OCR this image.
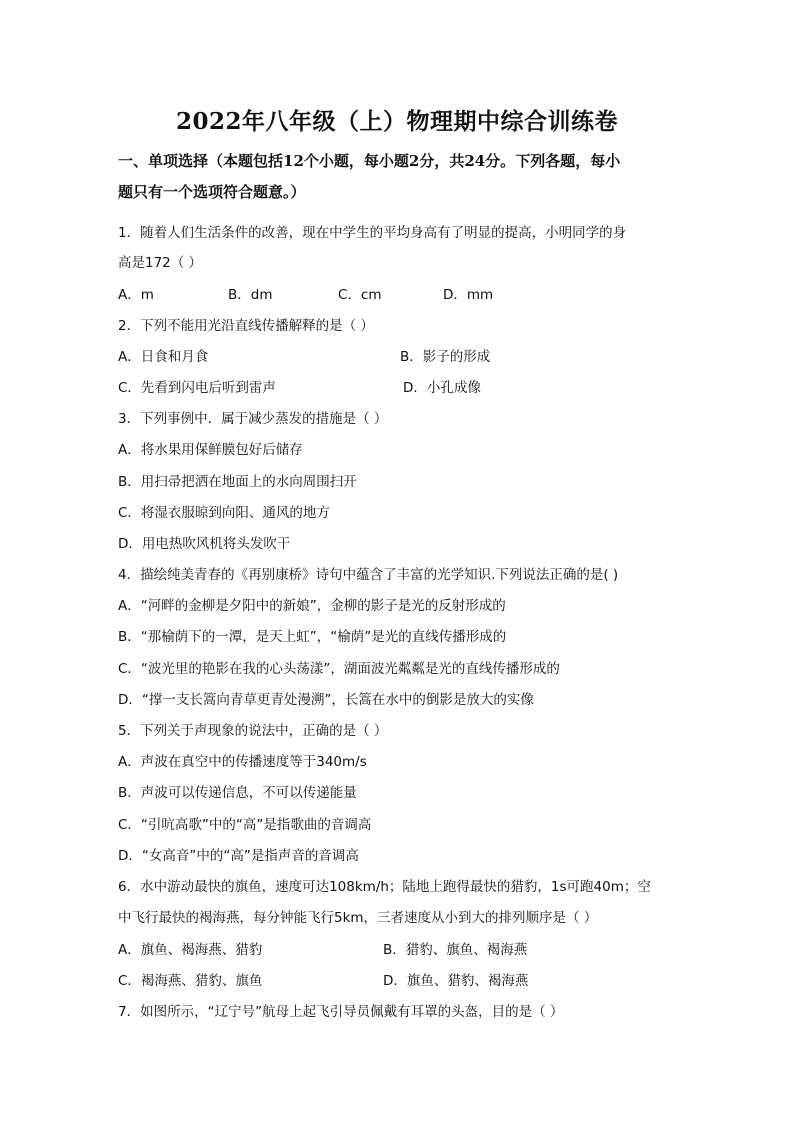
2022年八年级（上）物理期中综合训练卷
一、单项选择（本题包括12个小题，每小题2分，共24分。下列各题，每小
题只有一个选项符合题意。）
1．随着人们生活条件的改善，现在中学生的平均身高有了明显的提高，小明同学的身
高是172（ ）
A．m	B．dm	C．cm	D．mm
2．下列不能用光沿直线传播解释的是（ ）
A．日食和月食	B．影子的形成
C．先看到闪电后听到雷声	D．小孔成像
3．下列事例中．属于减少蒸发的措施是（ ）
A．将水果用保鲜膜包好后储存
B．用扫帚把洒在地面上的水向周围扫开
C．将湿衣服晾到向阳、通风的地方
D．用电热吹风机将头发吹干
4．描绘纯美青春的《再别康桥》诗句中蕴含了丰富的光学知识.下列说法正确的是( )
A．“河畔的金柳是夕阳中的新娘”，金柳的影子是光的反射形成的
B．“那榆荫下的一潭，是天上虹”，“榆荫”是光的直线传播形成的
C．“波光里的艳影在我的心头荡漾”，湖面波光粼粼是光的直线传播形成的
D．“撑一支长篙向青草更青处漫溯”，长篙在水中的倒影是放大的实像
5．下列关于声现象的说法中，正确的是（ ）
A．声波在真空中的传播速度等于340m/s
B．声波可以传递信息，不可以传递能量
C．“引吭高歌”中的“高”是指歌曲的音调高
D．“女高音”中的“高”是指声音的音调高
6．水中游动最快的旗鱼，速度可达108km/h；陆地上跑得最快的猎豹，1s可跑40m；空
中飞行最快的褐海燕，每分钟能飞行5km，三者速度从小到大的排列顺序是（ ）
A．旗鱼、褐海燕、猎豹	B．猎豹、旗鱼、褐海燕
C．褐海燕、猎豹、旗鱼	D．旗鱼、猎豹、褐海燕
7．如图所示，“辽宁号”航母上起飞引导员佩戴有耳罩的头盔，目的是（ ）
